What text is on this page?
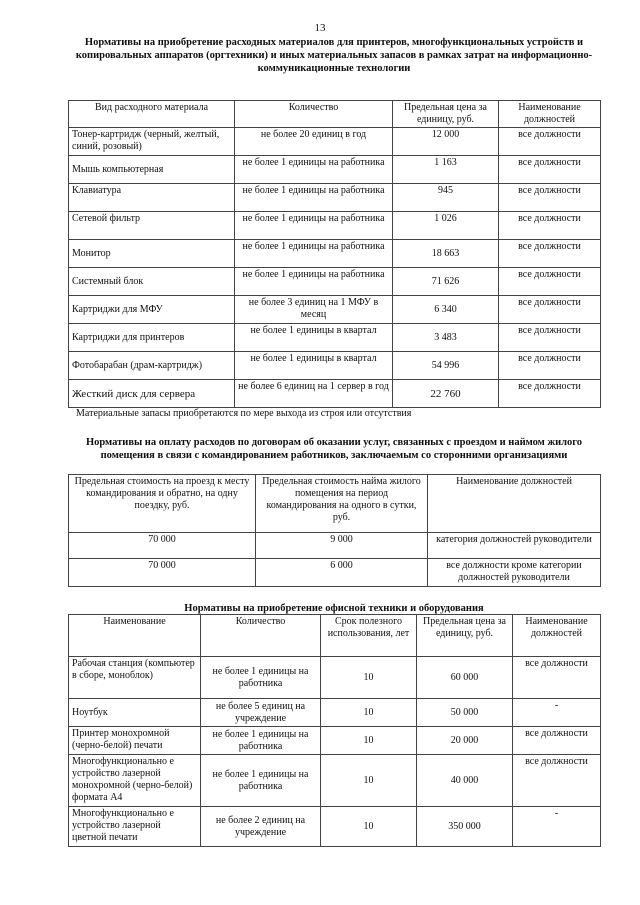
13
Нормативы на приобретение расходных материалов для принтеров, многофункциональных устройств и копировальных аппаратов (оргтехники) и иных материальных запасов в рамках затрат на информационно-коммуникационные технологии
Вид расходного материала	Количество	Предельная цена за единицу, руб.	Наименование должностей
Тонер-картридж (черный, желтый, синий, розовый)	не более 20 единиц в год	12 000	все должности
Мышь компьютерная	не более 1 единицы на работника	1 163	все должности
Клавиатура	не более 1 единицы на работника	945	все должности
Сетевой фильтр	не более 1 единицы на работника	1 026	все должности
Монитор	не более 1 единицы на работника	18 663	все должности
Системный блок	не более 1 единицы на работника	71 626	все должности
Картриджи для МФУ	не более 3 единиц на 1 МФУ в месяц	6 340	все должности
Картриджи для принтеров	не более 1 единицы в квартал	3 483	все должности
Фотобарабан (драм-картридж)	не более 1 единицы в квартал	54 996	все должности
Жесткий диск для сервера	не более 6 единиц на 1 сервер в год	22 760	все должности
Материальные запасы приобретаются по мере выхода из строя или отсутствия
Нормативы на оплату расходов по договорам об оказании услуг, связанных с проездом и наймом жилого помещения в связи с командированием работников, заключаемым со сторонними организациями
Предельная стоимость на проезд к месту командирования и обратно, на одну поездку, руб.	Предельная стоимость найма жилого помещения на период командирования на одного в сутки, руб.	Наименование должностей
70 000	9 000	категория должностей руководители
70 000	6 000	все должности кроме категории должностей руководители
Нормативы на приобретение офисной техники и оборудования
Наименование	Количество	Срок полезного использования, лет	Предельная цена за единицу, руб.	Наименование должностей
Рабочая станция (компьютер в сборе, моноблок)	не более 1 единицы на работника	10	60 000	все должности
Ноутбук	не более 5 единиц на учреждение	10	50 000	-
Принтер монохромной (черно-белой) печати	не более 1 единицы на работника	10	20 000	все должности
Многофункционально е устройство лазерной монохромной (черно-белой) формата А4	не более 1 единицы на работника	10	40 000	все должности
Многофункционально е устройство лазерной цветной печати	не более 2 единиц на учреждение	10	350 000	-
